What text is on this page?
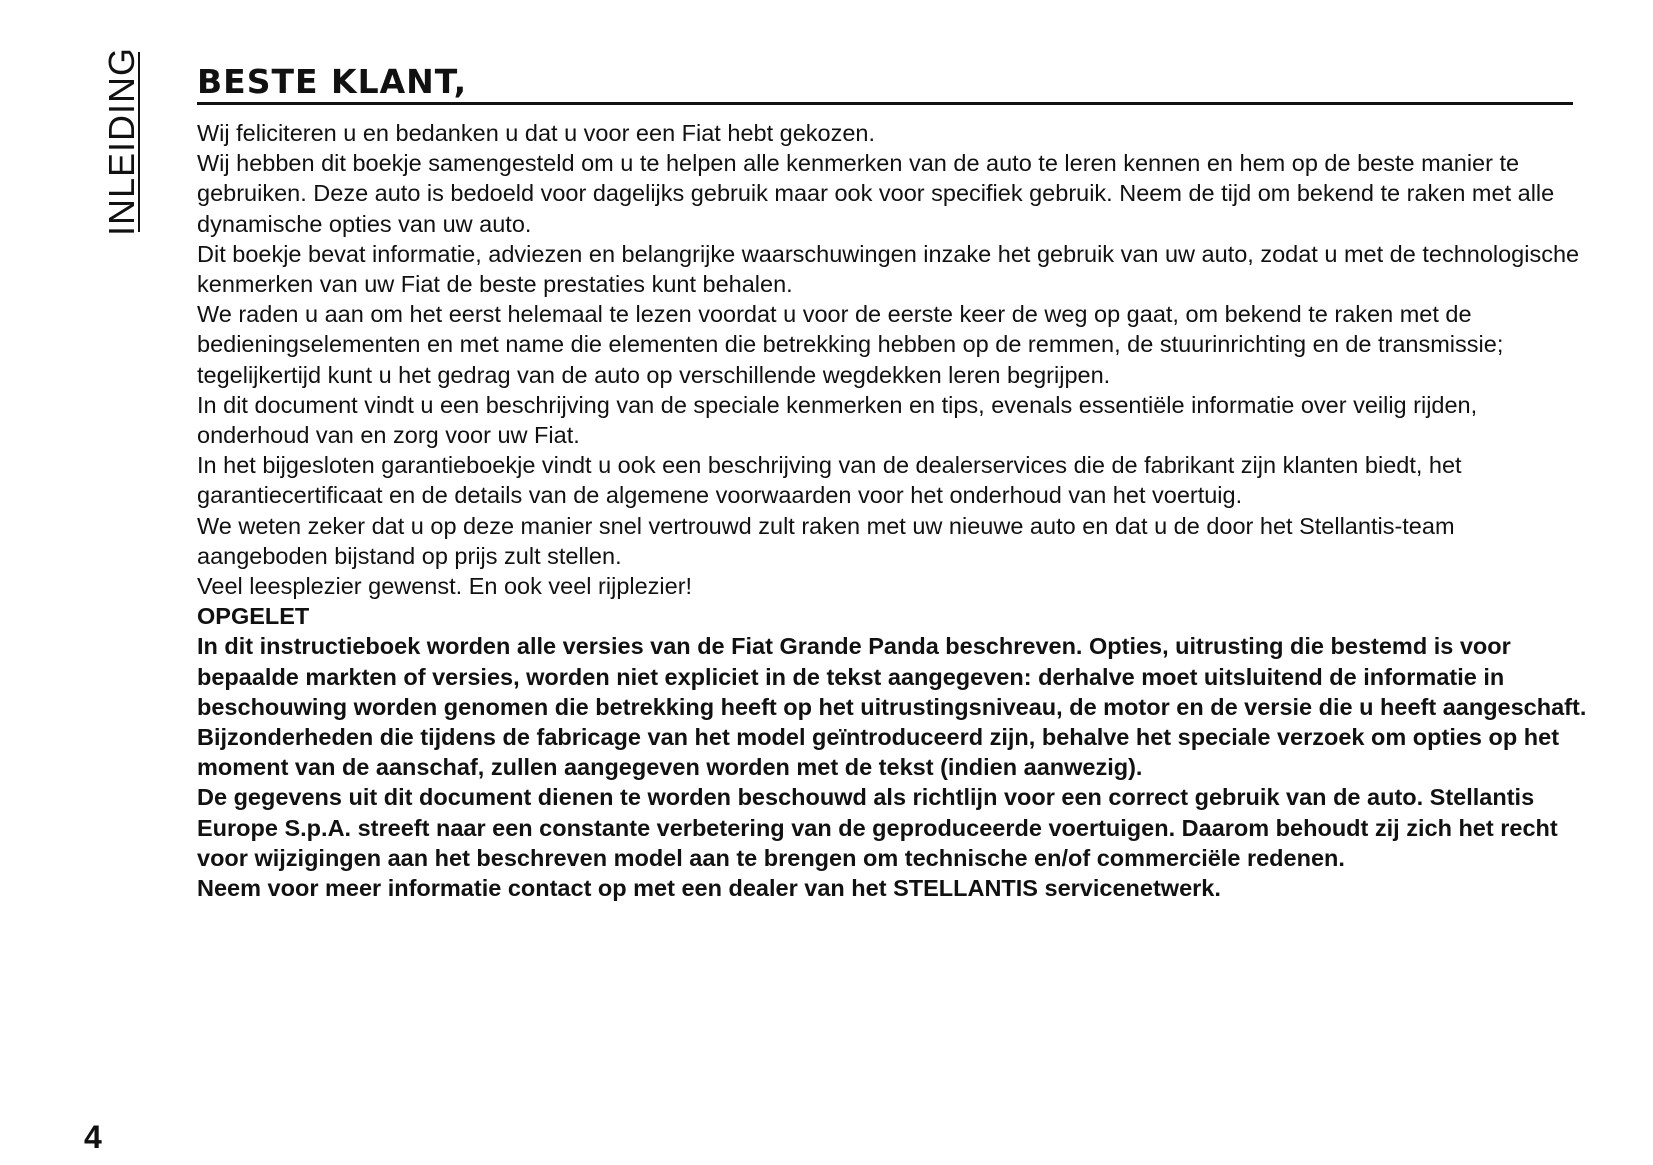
INLEIDING BESTE KLANT,

Wij feliciteren u en bedanken u dat u voor een Fiat hebt gekozen.

Wij hebben dit boekje samengesteld om u te helpen alle kenmerken van de auto te leren kennen en hem op de beste manier te gebruiken. Deze auto is bedoeld voor dagelijks gebruik maar ook voor specifiek gebruik. Neem de tijd om bekend te raken met alle dynamische opties van uw auto.

Dit boekje bevat informatie, adviezen en belangrijke waarschuwingen inzake het gebruik van uw auto, zodat u met de technologische kenmerken van uw Fiat de beste prestaties kunt behalen.

We raden u aan om het eerst helemaal te lezen voordat u voor de eerste keer de weg op gaat, om bekend te raken met de bedieningselementen en met name die elementen die betrekking hebben op de remmen, de stuurinrichting en de transmissie; tegelijkertijd kunt u het gedrag van de auto op verschillende wegdekken leren begrijpen.

In dit document vindt u een beschrijving van de speciale kenmerken en tips, evenals essentiële informatie over veilig rijden, onderhoud van en zorg voor uw Fiat.

In het bijgesloten garantieboekje vindt u ook een beschrijving van de dealerservices die de fabrikant zijn klanten biedt, het garantiecertificaat en de details van de algemene voorwaarden voor het onderhoud van het voertuig.

We weten zeker dat u op deze manier snel vertrouwd zult raken met uw nieuwe auto en dat u de door het Stellantis-team aangeboden bijstand op prijs zult stellen.

Veel leesplezier gewenst. En ook veel rijplezier!

OPGELET

In dit instructieboek worden alle versies van de Fiat Grande Panda beschreven. Opties, uitrusting die bestemd is voor bepaalde markten of versies, worden niet expliciet in de tekst aangegeven: derhalve moet uitsluitend de informatie in beschouwing worden genomen die betrekking heeft op het uitrustingsniveau, de motor en de versie die u heeft aangeschaft. Bijzonderheden die tijdens de fabricage van het model geïntroduceerd zijn, behalve het speciale verzoek om opties op het moment van de aanschaf, zullen aangegeven worden met de tekst (indien aanwezig).

De gegevens uit dit document dienen te worden beschouwd als richtlijn voor een correct gebruik van de auto. Stellantis Europe S.p.A. streeft naar een constante verbetering van de geproduceerde voertuigen. Daarom behoudt zij zich het recht voor wijzigingen aan het beschreven model aan te brengen om technische en/of commerciële redenen.

Neem voor meer informatie contact op met een dealer van het STELLANTIS servicenetwerk.

4
